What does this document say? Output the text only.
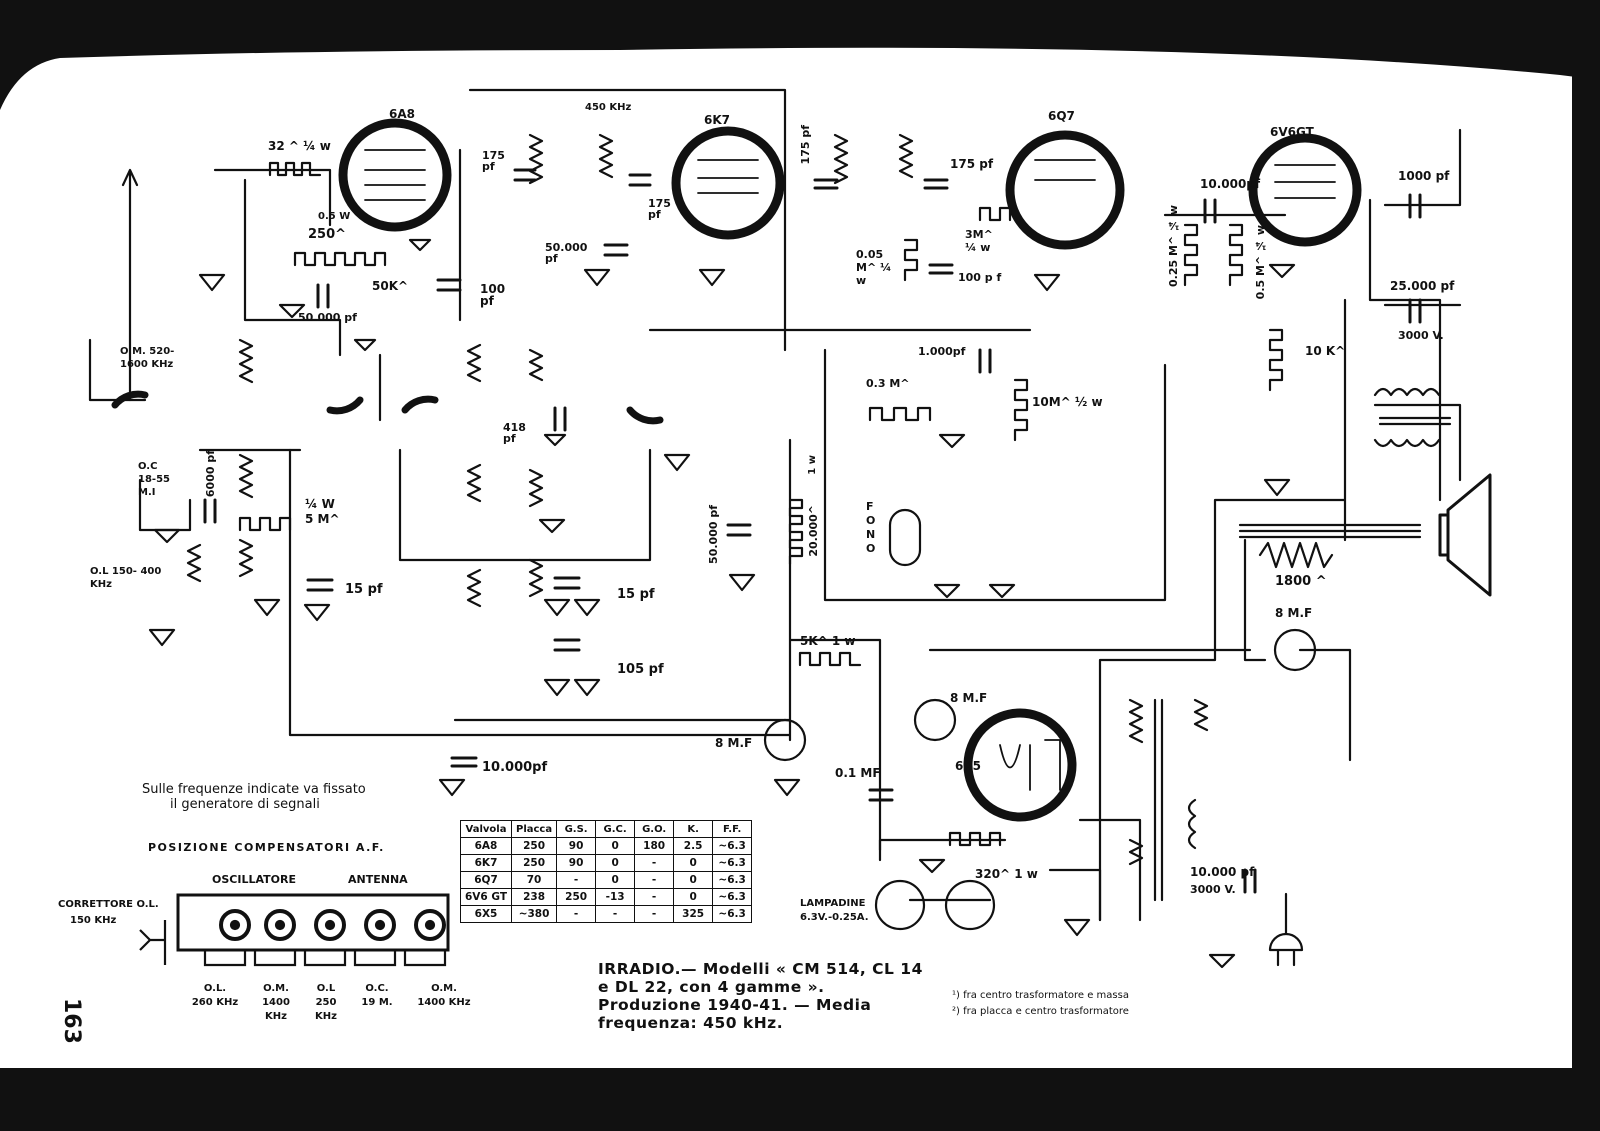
6A8	6K7	6Q7
6V6GT
6X5
450 KHz
32 ^ ¼ w
175 pf
175 pf
175 pf	175 pf
10.000pf
1000 pf
25.000 pf
3000 V.
10 K^
0.5 W
250^
50K^	100 pf
50.000 pf
50.000 pf	0.05 M^ ¼ w
3M^ ¼ w
100 p f	0.25 M^ ¼ w	0.5 M^ ¼ w
O.M. 520-1600 KHz
O.C 18-55 M.I
O.L 150- 400 KHz
6000 pf
¼ W 5 M^
15 pf
418 pf
15 pf
105 pf
1.000pf
0.3 M^
10M^ ½ w
FONO
50.000 pf	20.000^
1 w
5K^ 1 w
1800 ^
8 M.F
8 M.F
8 M.F
0.1 MF
10.000pf
320^ 1 w	10.000 pf
3000 V.
LAMPADINE 6.3V.-0.25A.
Sulle frequenze indicate va fissato
il generatore di segnali
POSIZIONE COMPENSATORI A.F.
OSCILLATORE	ANTENNA
CORRETTORE O.L.
150 KHz
¹) fra centro trasformatore e massa
²) fra placca e centro trasformatore
O.L.
260 KHz
O.M.
1400 KHz
O.L
250 KHz
O.C.
19 M.
O.M.
1400 KHz
Valvola	Placca	G.S.	G.C.	G.O.	K.	F.F.
6A8	250	90	0	180	2.5	~6.3
6K7	250	90	0	-	0	~6.3
6Q7	70	-	0	-	0	~6.3
6V6 GT	238	250	-13	-	0	~6.3
6X5	~380	-	-	-	325	~6.3
IRRADIO.— Modelli « CM 514, CL 14 e DL 22, con 4 gamme ». Produzione 1940-41. — Media frequenza: 450 kHz.
163
